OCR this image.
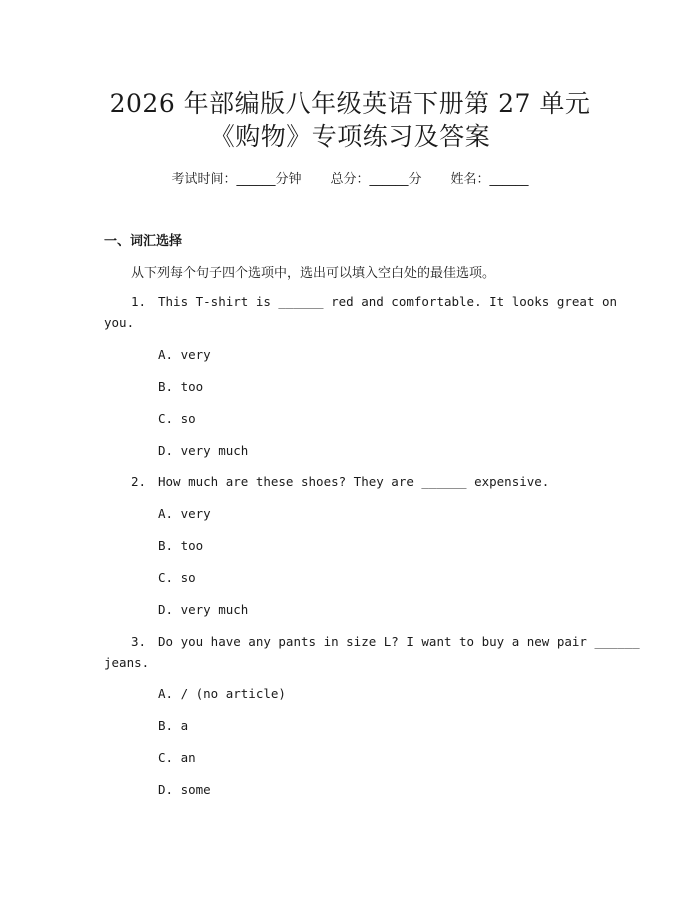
2026 年部编版八年级英语下册第 27 单元
《购物》专项练习及答案
考试时间：______分钟 总分：______分 姓名：______
一、词汇选择
从下列每个句子四个选项中，选出可以填入空白处的最佳选项。
1. This T-shirt is ______ red and comfortable. It looks great on
you.
A. very
B. too
C. so
D. very much
2. How much are these shoes? They are ______ expensive.
A. very
B. too
C. so
D. very much
3. Do you have any pants in size L? I want to buy a new pair ______
jeans.
A. / (no article)
B. a
C. an
D. some
